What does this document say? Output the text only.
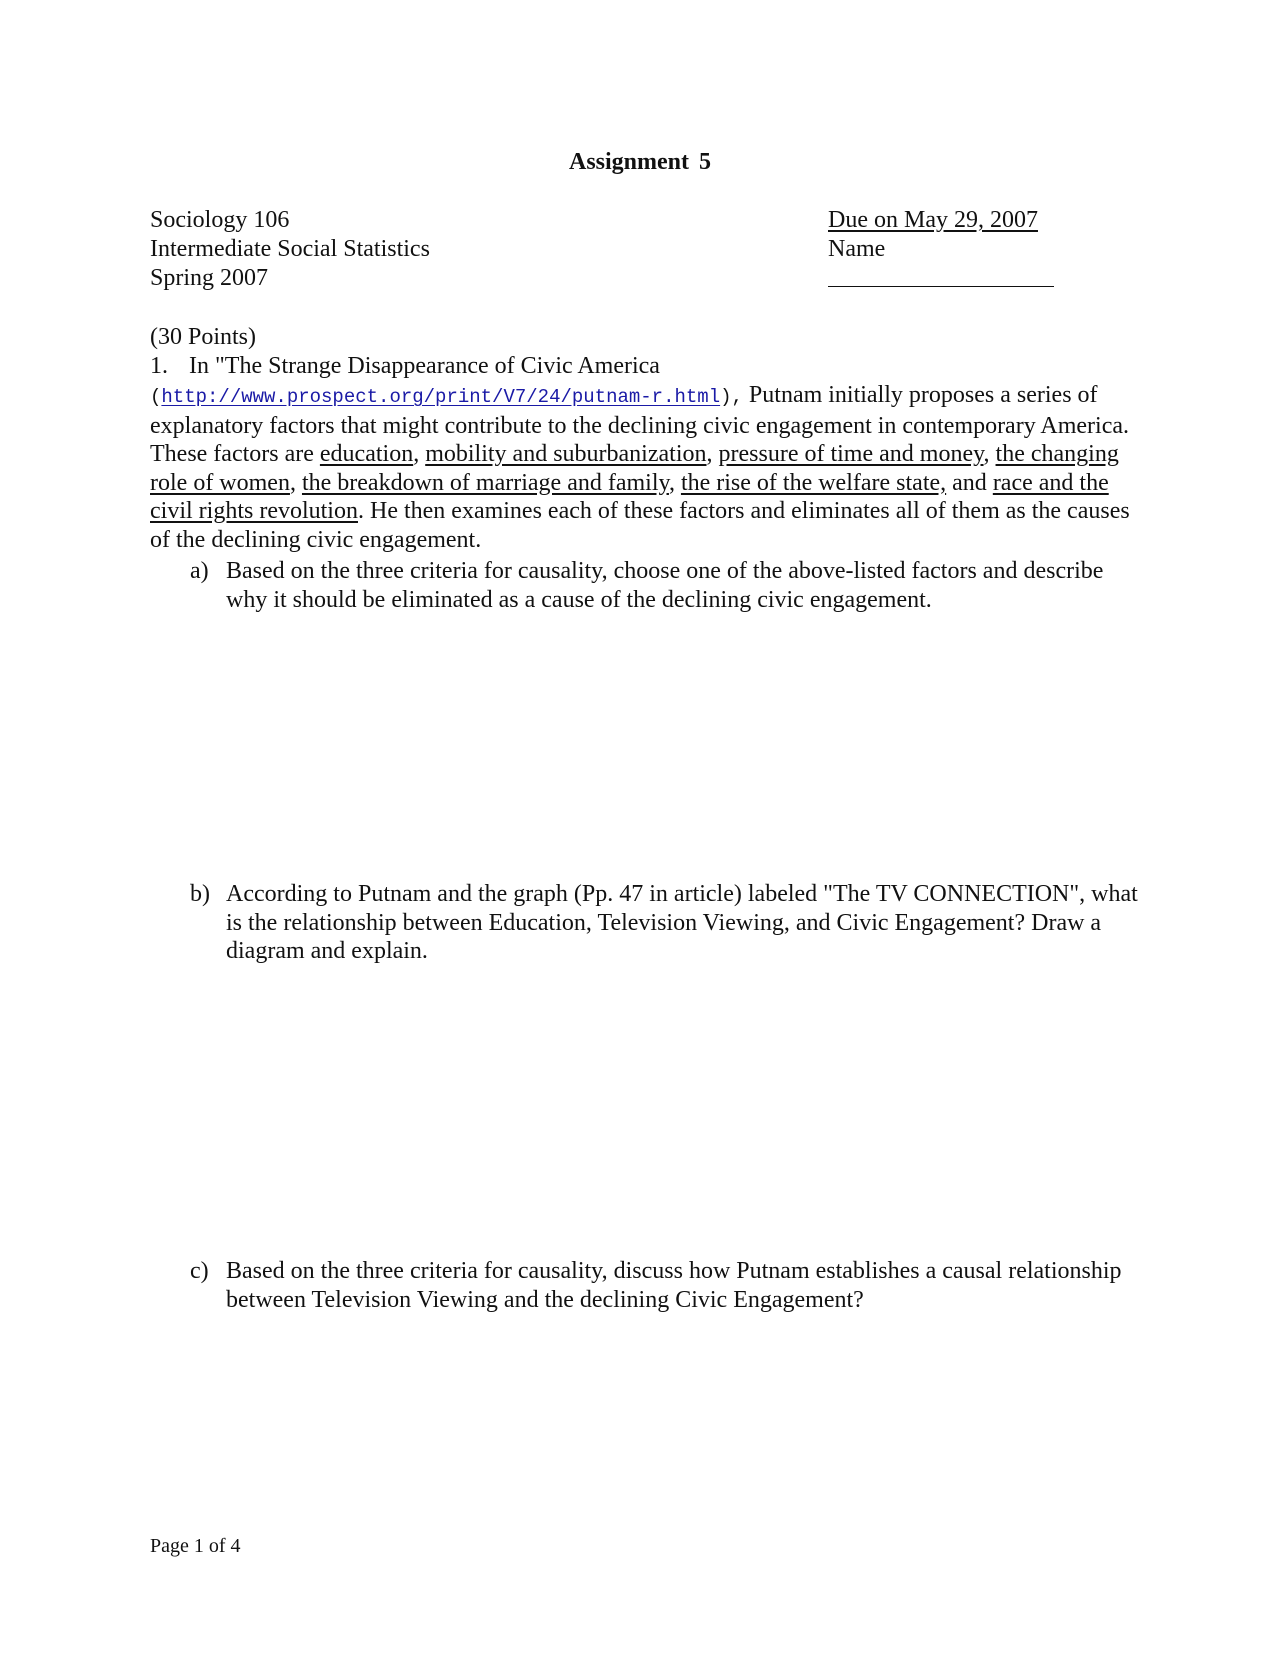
Assignment 5
Sociology 106
Intermediate Social Statistics
Spring 2007
Due on May 29, 2007
Name
(30 Points)
1. In "The Strange Disappearance of Civic America
(http://www.prospect.org/print/V7/24/putnam-r.html), Putnam initially proposes a series of explanatory factors that might contribute to the declining civic engagement in contemporary America. These factors are education, mobility and suburbanization, pressure of time and money, the changing role of women, the breakdown of marriage and family, the rise of the welfare state, and race and the civil rights revolution. He then examines each of these factors and eliminates all of them as the causes of the declining civic engagement.
a) Based on the three criteria for causality, choose one of the above-listed factors and describe why it should be eliminated as a cause of the declining civic engagement.
b) According to Putnam and the graph (Pp. 47 in article) labeled "The TV CONNECTION", what is the relationship between Education, Television Viewing, and Civic Engagement? Draw a diagram and explain.
c) Based on the three criteria for causality, discuss how Putnam establishes a causal relationship between Television Viewing and the declining Civic Engagement?
Page 1 of 4
